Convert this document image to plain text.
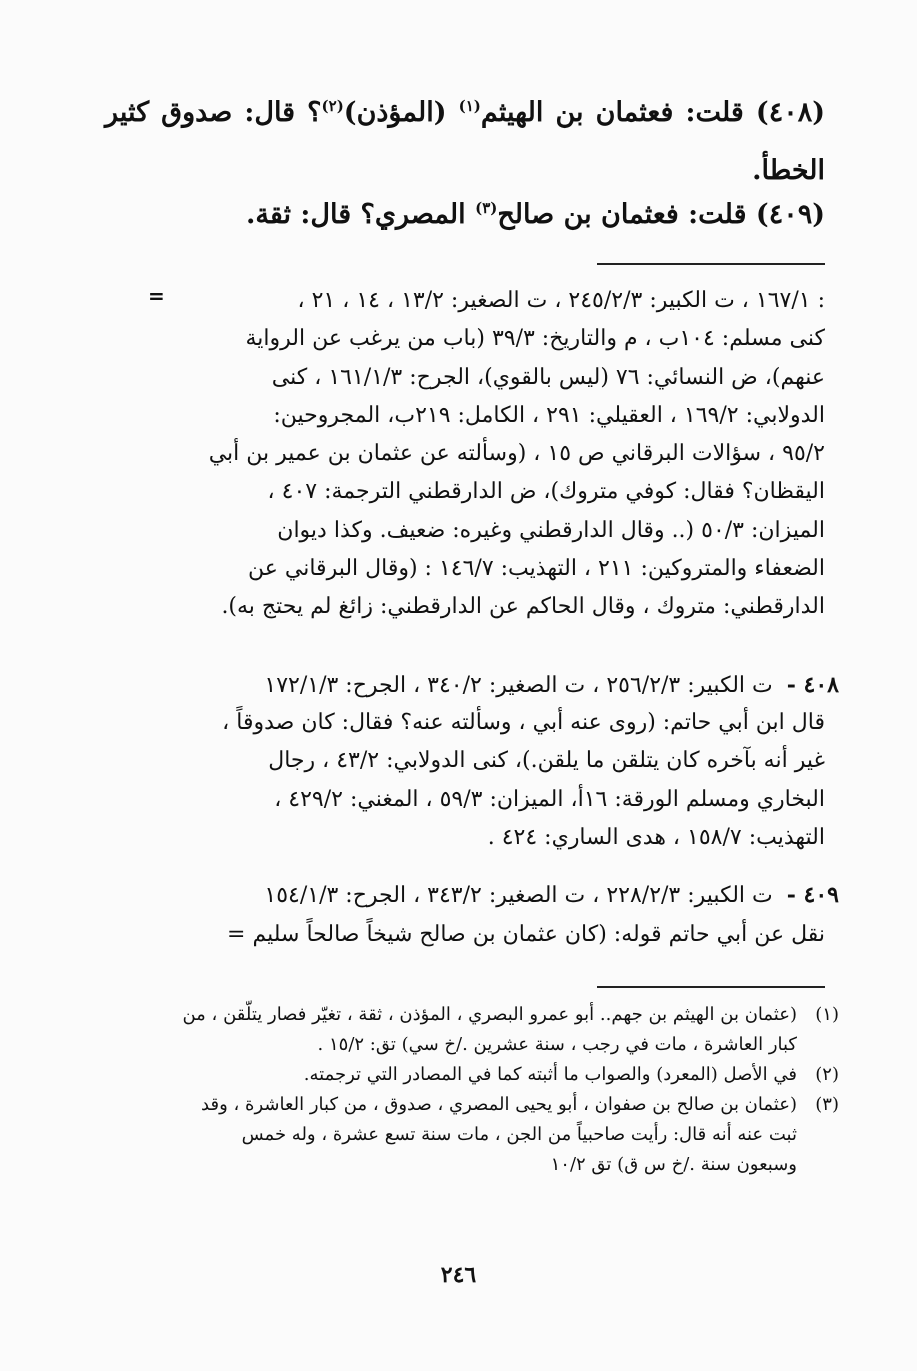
(٤٠٨) قلت: فعثمان بن الهيثم$^{(١)}$ (المؤذن)$^{(٢)}$؟ قال: صدوق كثير الخطأ.
(٤٠٩) قلت: فعثمان بن صالح$^{(٣)}$ المصري؟ قال: ثقة.
=	: ١٦٧/١ ، ت الكبير: ٢٤٥/٢/٣ ، ت الصغير: ١٣/٢ ، ١٤ ، ٢١ ،
كنى مسلم: ١٠٤ب ، م والتاريخ: ٣٩/٣ (باب من يرغب عن الرواية
عنهم)، ض النسائي: ٧٦ (ليس بالقوي)، الجرح: ١٦١/١/٣ ، كنى
الدولابي: ١٦٩/٢ ، العقيلي: ٢٩١ ، الكامل: ٢١٩ب، المجروحين:
٩٥/٢ ، سؤالات البرقاني ص ١٥ ، (وسألته عن عثمان بن عمير بن أبي
اليقظان؟ فقال: كوفي متروك)، ض الدارقطني الترجمة: ٤٠٧ ،
الميزان: ٥٠/٣ (.. وقال الدارقطني وغيره: ضعيف. وكذا ديوان
الضعفاء والمتروكين: ٢١١ ، التهذيب: ١٤٦/٧ : (وقال البرقاني عن
الدارقطني: متروك ، وقال الحاكم عن الدارقطني: زائغ لم يحتج به).
٤٠٨ -  ت الكبير: ٢٥٦/٢/٣ ، ت الصغير: ٣٤٠/٢ ، الجرح: ١٧٢/١/٣
قال ابن أبي حاتم: (روى عنه أبي ، وسألته عنه؟ فقال: كان صدوقاً ،
غير أنه بآخره كان يتلقن ما يلقن.)، كنى الدولابي: ٤٣/٢ ، رجال
البخاري ومسلم الورقة: ١٦أ، الميزان: ٥٩/٣ ، المغني: ٤٢٩/٢ ،
التهذيب: ١٥٨/٧ ، هدى الساري: ٤٢٤ .
٤٠٩ -  ت الكبير: ٢٢٨/٢/٣ ، ت الصغير: ٣٤٣/٢ ، الجرح: ١٥٤/١/٣
نقل عن أبي حاتم قوله: (كان عثمان بن صالح شيخاً صالحاً سليم =
(١)(عثمان بن الهيثم بن جهم.. أبو عمرو البصري ، المؤذن ، ثقة ، تغيّر فصار يتلّقن ، من
كبار العاشرة ، مات في رجب ، سنة عشرين ./خ سي) تق: ١٥/٢ .
(٢)في الأصل (المعرد) والصواب ما أثبته كما في المصادر التي ترجمته.
(٣)(عثمان بن صالح بن صفوان ، أبو يحيى المصري ، صدوق ، من كبار العاشرة ، وقد
ثبت عنه أنه قال: رأيت صاحبياً من الجن ، مات سنة تسع عشرة ، وله خمس
وسبعون سنة ./خ س ق) تق ١٠/٢
٢٤٦
